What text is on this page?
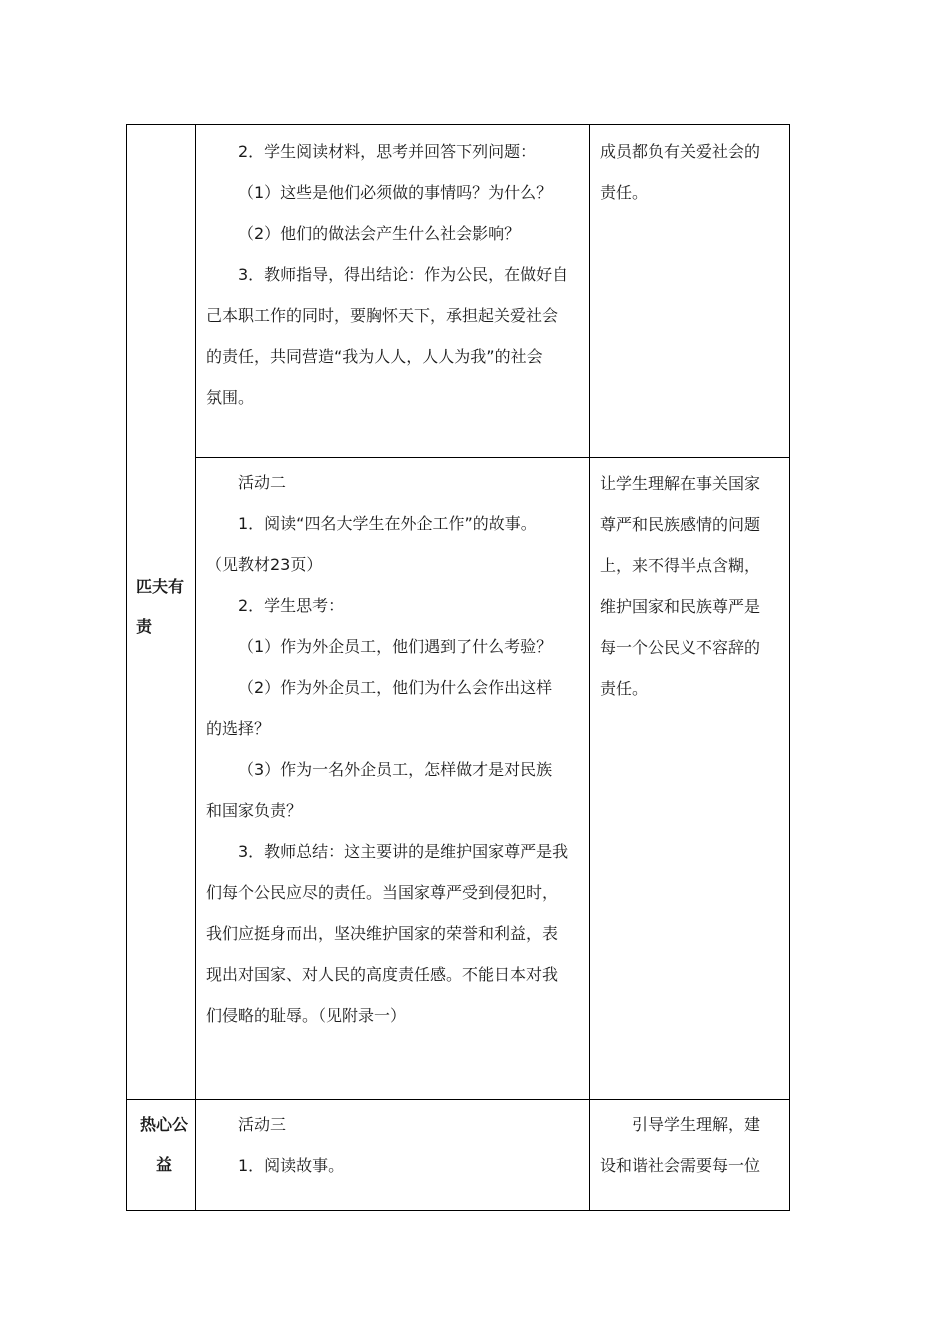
2．学生阅读材料，思考并回答下列问题：

（1）这些是他们必须做的事情吗？为什么？

（2）他们的做法会产生什么社会影响？

3．教师指导，得出结论：作为公民，在做好自

己本职工作的同时，要胸怀天下，承担起关爱社会

的责任，共同营造“我为人人，人人为我”的社会

氛围。

成员都负有关爱社会的

责任。

匹夫有

责

活动二

1．阅读“四名大学生在外企工作”的故事。

（见教材23页）

2．学生思考：

（1）作为外企员工，他们遇到了什么考验？

（2）作为外企员工，他们为什么会作出这样

的选择？

（3）作为一名外企员工，怎样做才是对民族

和国家负责？

3．教师总结：这主要讲的是维护国家尊严是我

们每个公民应尽的责任。当国家尊严受到侵犯时，

我们应挺身而出，坚决维护国家的荣誉和利益，表

现出对国家、对人民的高度责任感。不能日本对我

们侵略的耻辱。（见附录一）

让学生理解在事关国家

尊严和民族感情的问题

上，来不得半点含糊，

维护国家和民族尊严是

每一个公民义不容辞的

责任。

热心公

益

活动三

1．阅读故事。

引导学生理解，建

设和谐社会需要每一位
